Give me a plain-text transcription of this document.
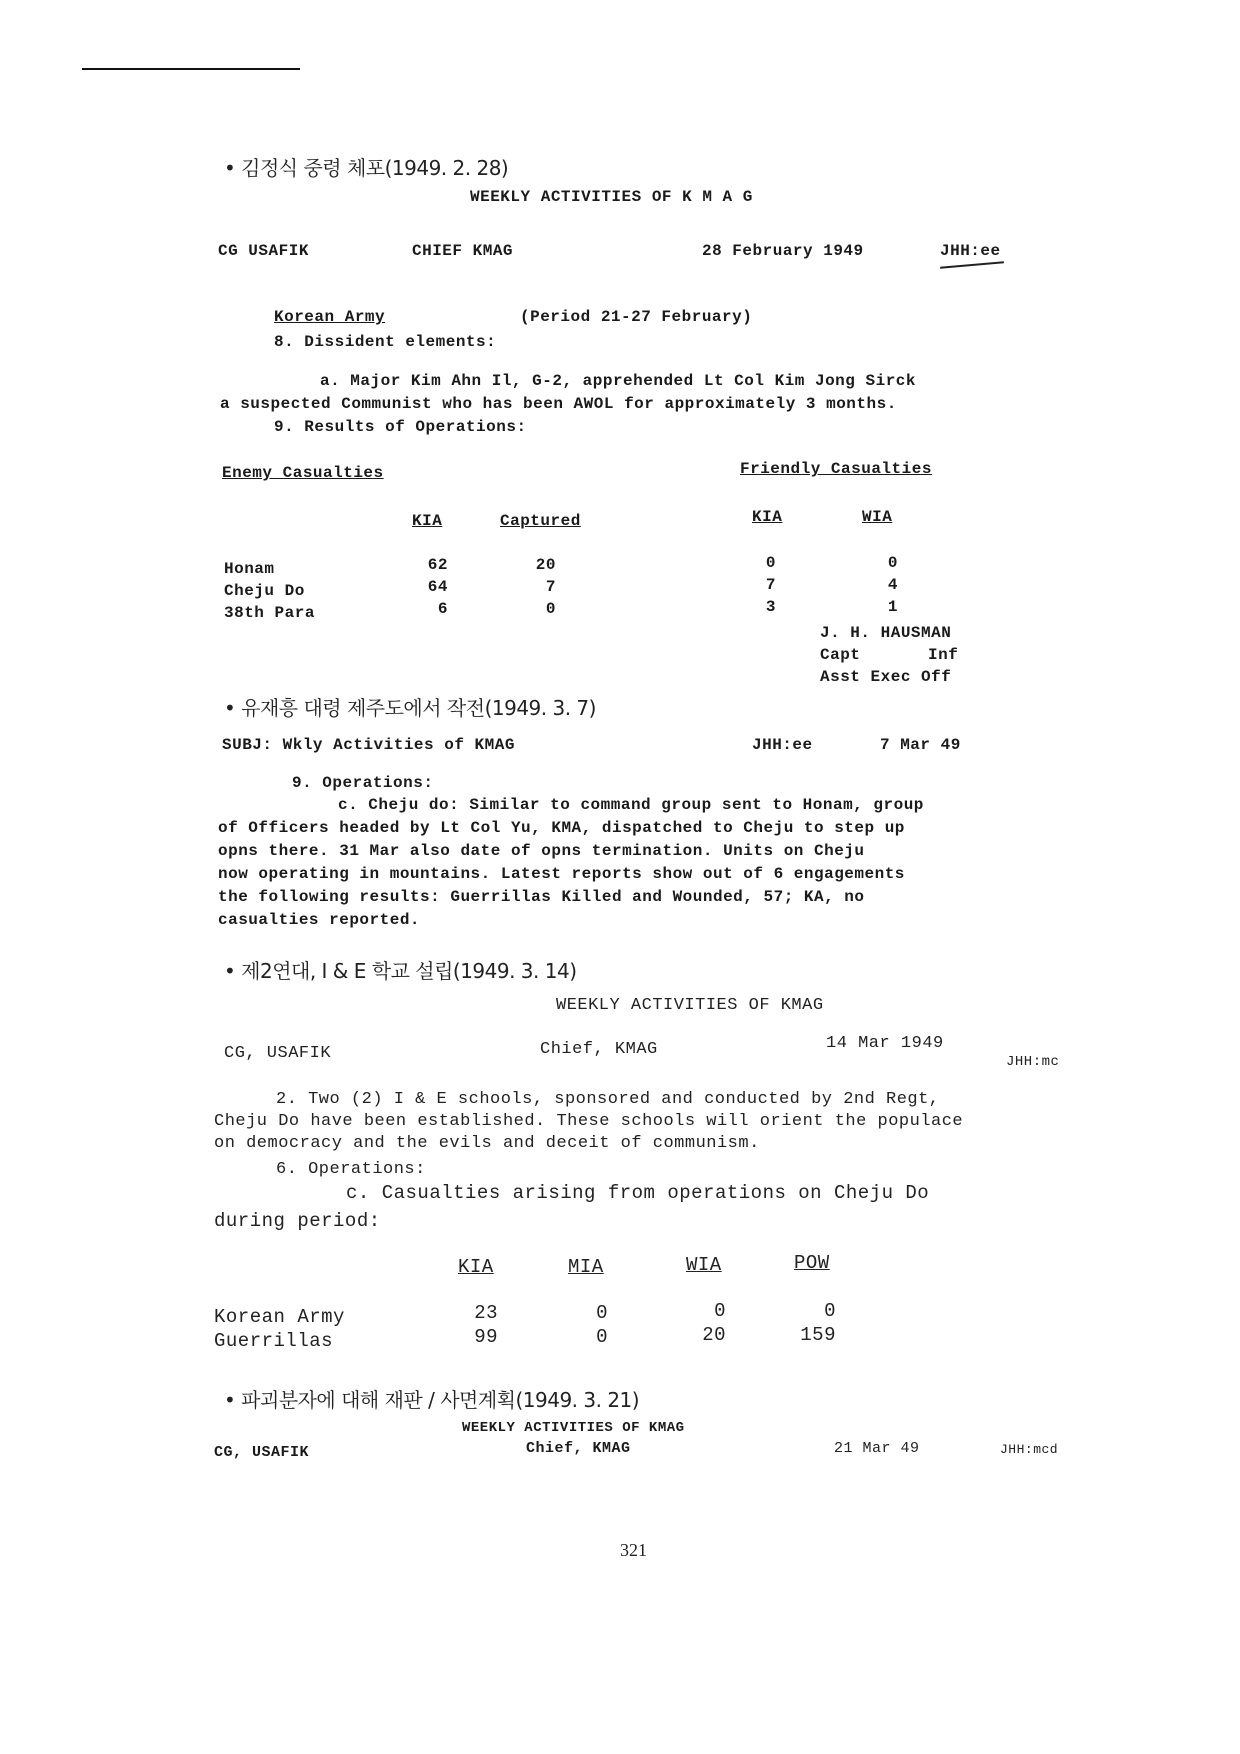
• 김정식 중령 체포(1949. 2. 28)
WEEKLY ACTIVITIES OF K M A G
CG USAFIK	CHIEF KMAG	28 February 1949	JHH:ee
Korean Army	(Period 21-27 February)
8. Dissident elements:
a. Major Kim Ahn Il, G-2, apprehended Lt Col Kim Jong Sirck
a suspected Communist who has been AWOL for approximately 3 months.
9. Results of Operations:
Enemy Casualties	Friendly Casualties
KIA	Captured	KIA	WIA
Honam	62	20	0	0
Cheju Do	64	7	7	4
38th Para	6	0	3	1
J. H. HAUSMAN
Capt	Inf
Asst Exec Off
• 유재흥 대령 제주도에서 작전(1949. 3. 7)
SUBJ: Wkly Activities of KMAG	JHH:ee	7 Mar 49
9. Operations:
c. Cheju do: Similar to command group sent to Honam, group
of Officers headed by Lt Col Yu, KMA, dispatched to Cheju to step up
opns there. 31 Mar also date of opns termination. Units on Cheju
now operating in mountains. Latest reports show out of 6 engagements
the following results: Guerrillas Killed and Wounded, 57; KA, no
casualties reported.
• 제2연대, I & E 학교 설립(1949. 3. 14)
WEEKLY ACTIVITIES OF KMAG
CG, USAFIK	Chief, KMAG	14 Mar 1949
JHH:mc
2. Two (2) I & E schools, sponsored and conducted by 2nd Regt,
Cheju Do have been established. These schools will orient the populace
on democracy and the evils and deceit of communism.
6. Operations:
c. Casualties arising from operations on Cheju Do
during period:
KIA	MIA	WIA	POW
Korean Army	23	0	0	0
Guerrillas	99	0	20	159
• 파괴분자에 대해 재판 / 사면계획(1949. 3. 21)
WEEKLY ACTIVITIES OF KMAG
CG, USAFIK	Chief, KMAG	21 Mar 49	JHH:mcd
321
